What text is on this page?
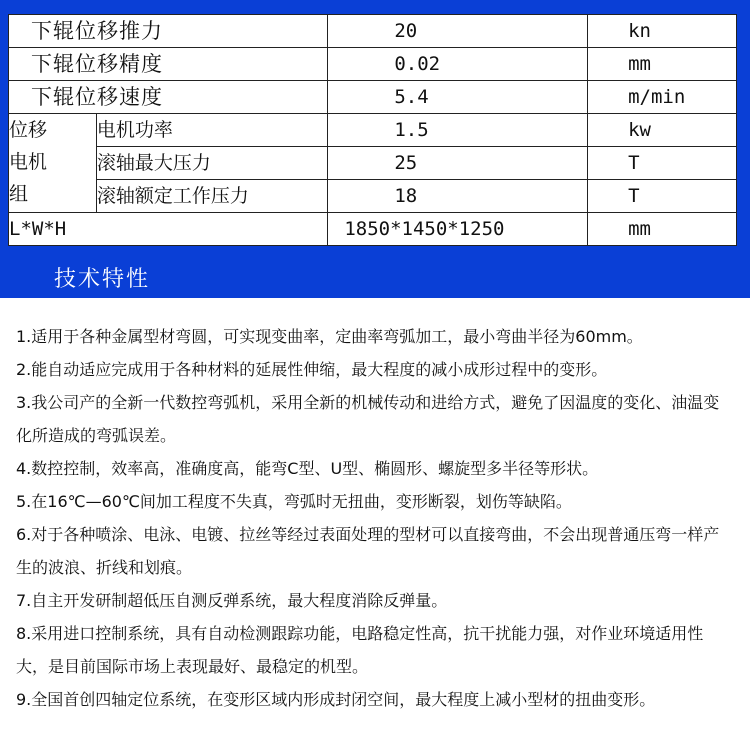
下辊位移推力		20	kn
下辊位移精度		0.02	mm
下辊位移速度		5.4	m/min

位移
电机
组	电机功率	1.5	kw
	滚轴最大压力	25	T
	滚轴额定工作压力	18	T
L*W*H		1850*1450*1250	mm
技术特性
1.适用于各种金属型材弯圆，可实现变曲率，定曲率弯弧加工，最小弯曲半径为60mm。
2.能自动适应完成用于各种材料的延展性伸缩，最大程度的减小成形过程中的变形。
3.我公司产的全新一代数控弯弧机，采用全新的机械传动和进给方式，避免了因温度的变化、油温变化所造成的弯弧误差。
4.数控控制，效率高，准确度高，能弯C型、U型、椭圆形、螺旋型多半径等形状。
5.在16℃—60℃间加工程度不失真，弯弧时无扭曲，变形断裂，划伤等缺陷。
6.对于各种喷涂、电泳、电镀、拉丝等经过表面处理的型材可以直接弯曲，不会出现普通压弯一样产生的波浪、折线和划痕。
7.自主开发研制超低压自测反弹系统，最大程度消除反弹量。
8.采用进口控制系统，具有自动检测跟踪功能，电路稳定性高，抗干扰能力强，对作业环境适用性大，是目前国际市场上表现最好、最稳定的机型。
9.全国首创四轴定位系统，在变形区域内形成封闭空间，最大程度上减小型材的扭曲变形。
